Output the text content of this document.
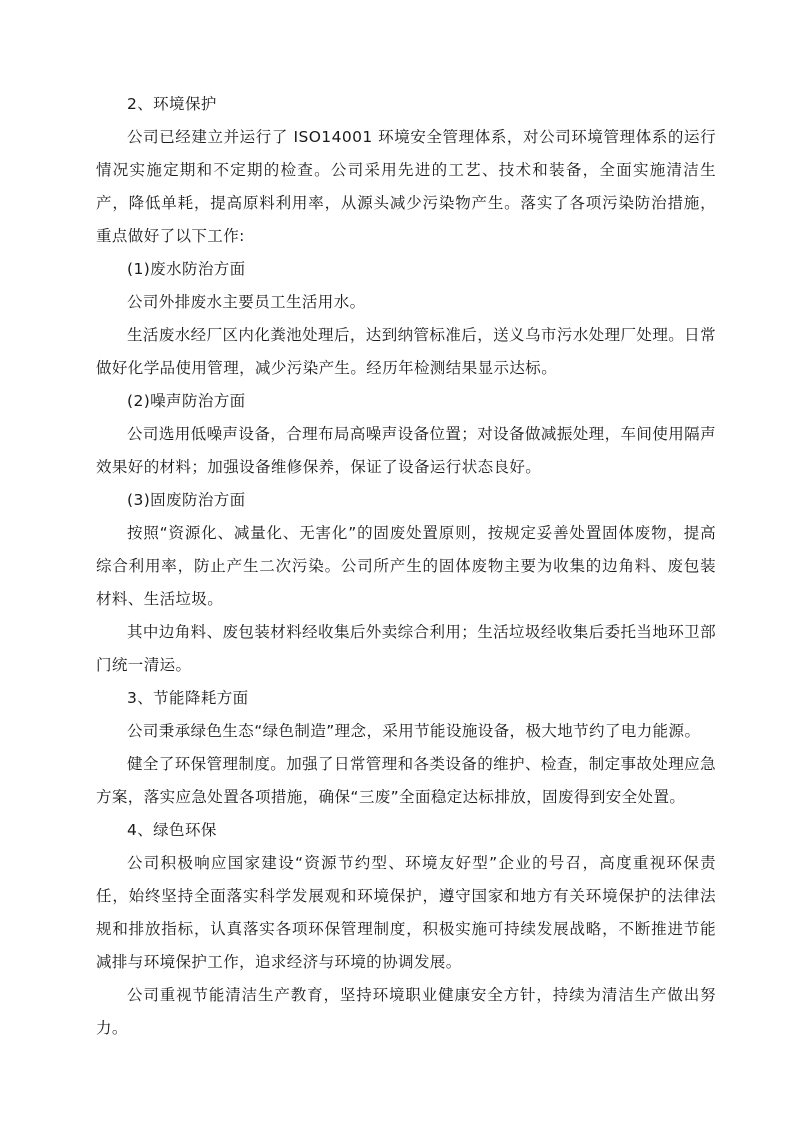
2、环境保护

公司已经建立并运行了 ISO14001 环境安全管理体系，对公司环境管理体系的运行情况实施定期和不定期的检查。公司采用先进的工艺、技术和装备，全面实施清洁生产，降低单耗，提高原料利用率，从源头减少污染物产生。落实了各项污染防治措施，重点做好了以下工作:

(1)废水防治方面

公司外排废水主要员工生活用水。

生活废水经厂区内化粪池处理后，达到纳管标准后，送义乌市污水处理厂处理。日常做好化学品使用管理，减少污染产生。经历年检测结果显示达标。

(2)噪声防治方面

公司选用低噪声设备，合理布局高噪声设备位置；对设备做减振处理，车间使用隔声效果好的材料；加强设备维修保养，保证了设备运行状态良好。

(3)固废防治方面

按照“资源化、减量化、无害化”的固废处置原则，按规定妥善处置固体废物，提高综合利用率，防止产生二次污染。公司所产生的固体废物主要为收集的边角料、废包装材料、生活垃圾。

其中边角料、废包装材料经收集后外卖综合利用；生活垃圾经收集后委托当地环卫部门统一清运。

3、节能降耗方面

公司秉承绿色生态“绿色制造”理念，采用节能设施设备，极大地节约了电力能源。

健全了环保管理制度。加强了日常管理和各类设备的维护、检查，制定事故处理应急方案，落实应急处置各项措施，确保“三废”全面稳定达标排放，固废得到安全处置。

4、绿色环保

公司积极响应国家建设“资源节约型、环境友好型”企业的号召，高度重视环保责任，始终坚持全面落实科学发展观和环境保护，遵守国家和地方有关环境保护的法律法规和排放指标，认真落实各项环保管理制度，积极实施可持续发展战略，不断推进节能减排与环境保护工作，追求经济与环境的协调发展。

公司重视节能清洁生产教育，坚持环境职业健康安全方针，持续为清洁生产做出努力。
